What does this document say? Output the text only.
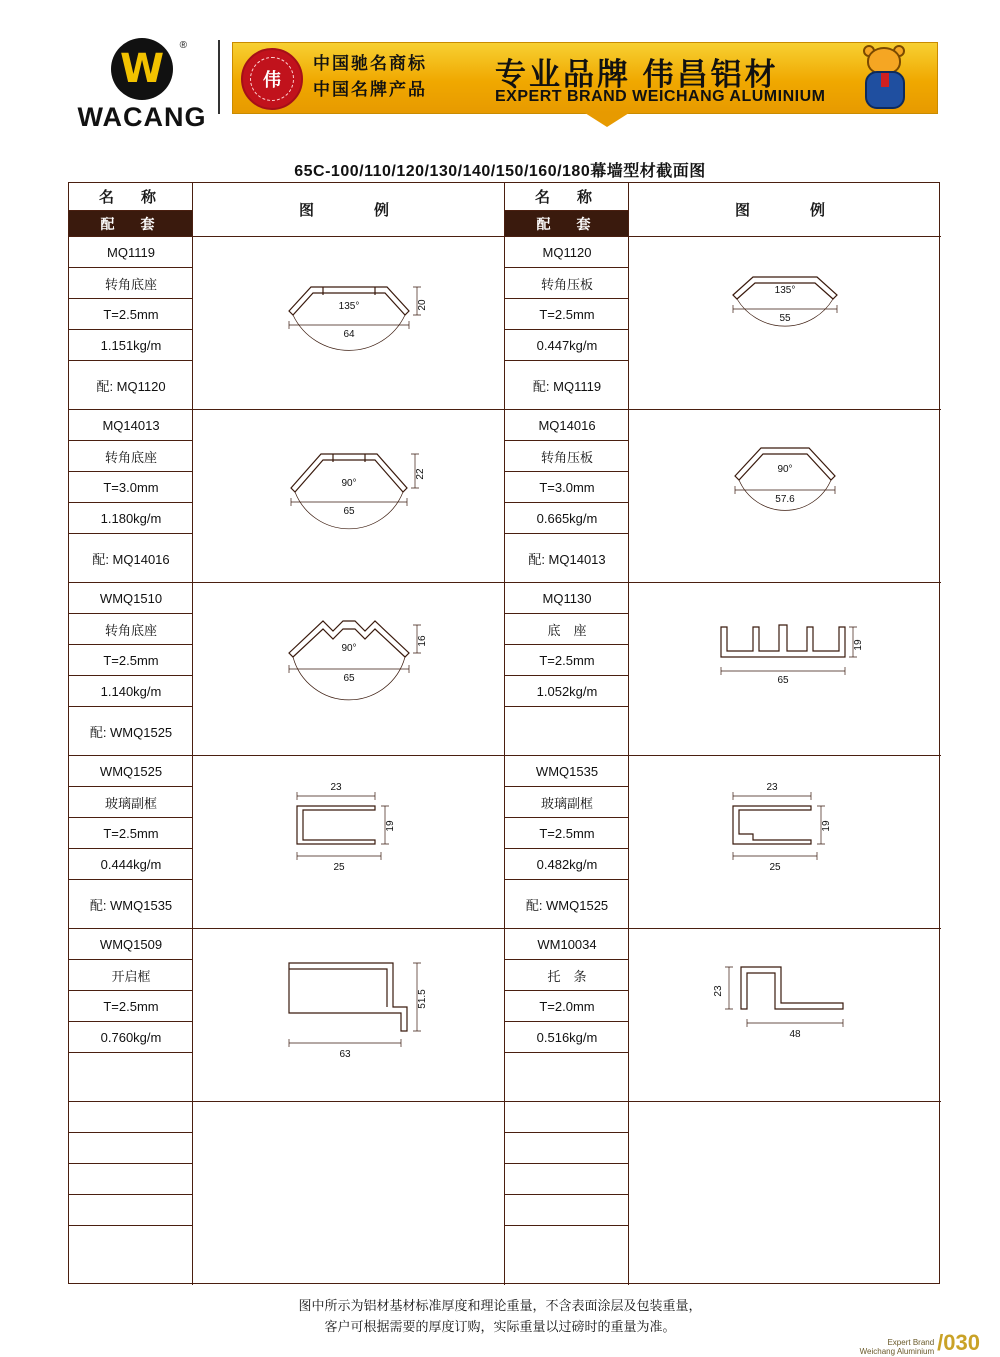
W
®
WACANG
伟
中国驰名商标
中国名牌产品 专业品牌 伟昌铝材
EXPERT BRAND WEICHANG ALUMINIUM
65C-100/110/120/130/140/150/160/180幕墙型材截面图
名　称
配　套
图　　例
MQ1119
转角底座
T=2.5mm
1.151kg/m
配: MQ1120
64
20
135°
MQ14013
转角底座
T=3.0mm
1.180kg/m
配: MQ14016
65
22
90°
WMQ1510
转角底座
T=2.5mm
1.140kg/m
配: WMQ1525
65
16
90°
WMQ1525
玻璃副框
T=2.5mm
0.444kg/m
配: WMQ1535
23
19
25
WMQ1509
开启框
T=2.5mm
0.760kg/m
51.5
63
名　称
配　套
图　　例
MQ1120
转角压板
T=2.5mm
0.447kg/m
配: MQ1119
55
135°
MQ14016
转角压板
T=3.0mm
0.665kg/m
配: MQ14013
57.6
90°
MQ1130
底　座
T=2.5mm
1.052kg/m
19
65
WMQ1535
玻璃副框
T=2.5mm
0.482kg/m
配: WMQ1525
23
19
25
WM10034
托　条
T=2.0mm
0.516kg/m
23
48
图中所示为铝材基材标准厚度和理论重量，不含表面涂层及包装重量，
客户可根据需要的厚度订购，实际重量以过磅时的重量为准。
Expert Brand
Weichang Aluminium /030
